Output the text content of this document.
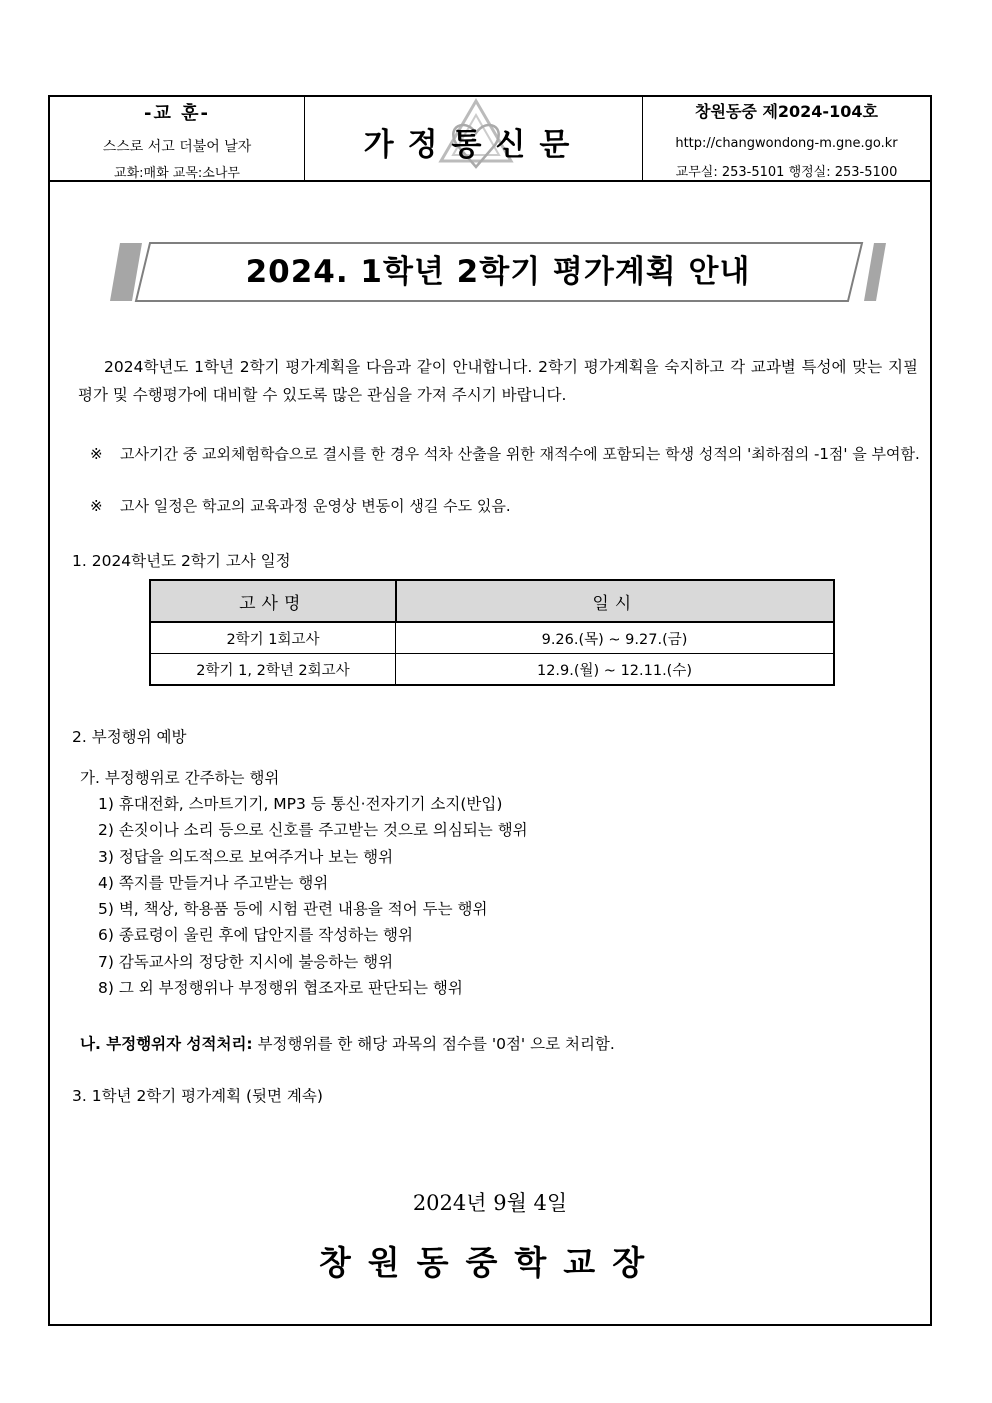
-교 훈-
스스로 서고 더불어 날자
교화:매화 교목:소나무
가정통신문
창원동중 제2024-104호
http://changwondong-m.gne.go.kr
교무실: 253-5101 행정실: 253-5100
2024. 1학년 2학기 평가계획 안내
2024학년도 1학년 2학기 평가계획을 다음과 같이 안내합니다. 2학기 평가계획을 숙지하고 각 교과별 특성에 맞는 지필평가 및 수행평가에 대비할 수 있도록 많은 관심을 가져 주시기 바랍니다.
※	고사기간 중 교외체험학습으로 결시를 한 경우 석차 산출을 위한 재적수에 포함되는 학생 성적의 '최하점의 -1점' 을 부여함.
※	고사 일정은 학교의 교육과정 운영상 변동이 생길 수도 있음.
1. 2024학년도 2학기 고사 일정
고사명	일시
2학기 1회고사	9.26.(목) ~ 9.27.(금)
2학기 1, 2학년 2회고사	12.9.(월) ~ 12.11.(수)
2. 부정행위 예방
가. 부정행위로 간주하는 행위
1) 휴대전화, 스마트기기, MP3 등 통신·전자기기 소지(반입)
2) 손짓이나 소리 등으로 신호를 주고받는 것으로 의심되는 행위
3) 정답을 의도적으로 보여주거나 보는 행위
4) 쪽지를 만들거나 주고받는 행위
5) 벽, 책상, 학용품 등에 시험 관련 내용을 적어 두는 행위
6) 종료령이 울린 후에 답안지를 작성하는 행위
7) 감독교사의 정당한 지시에 불응하는 행위
8) 그 외 부정행위나 부정행위 협조자로 판단되는 행위
나. 부정행위자 성적처리: 부정행위를 한 해당 과목의 점수를 '0점' 으로 처리함.
3. 1학년 2학기 평가계획 (뒷면 계속)
2024년 9월 4일
창원동중학교장
